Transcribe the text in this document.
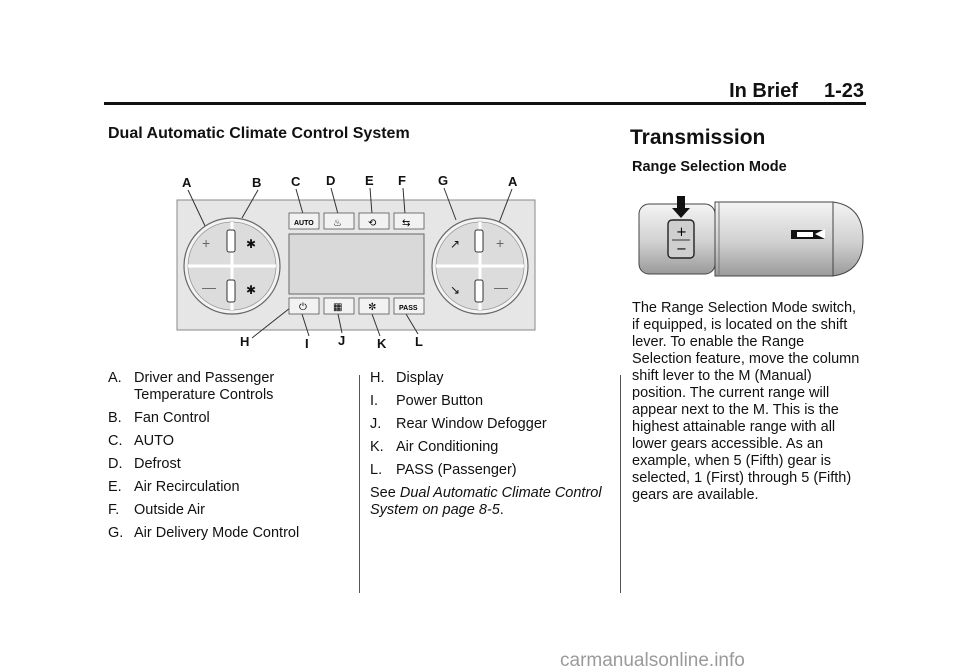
In Brief 1-23
Dual Automatic Climate Control System
A	B C D E F G	A
H	I J K L
+
—
✱
✱
AUTO ♨	⟲	⇆
⏻	▦	✼	PASS
+
—
↗
↘
A. Driver and Passenger Temperature Controls
B. Fan Control
C. AUTO
D. Defrost
E. Air Recirculation
F.	Outside Air
G. Air Delivery Mode Control
H. Display
I.	Power Button
J.	Rear Window Defogger
K. Air Conditioning
L. PASS (Passenger)
See Dual Automatic Climate Control System on page 8-5.
Transmission
Range Selection Mode
+
−
The Range Selection Mode switch, if equipped, is located on the shift lever. To enable the Range Selection feature, move the column shift lever to the M (Manual) position. The current range will appear next to the M. This is the highest attainable range with all lower gears accessible. As an example, when 5 (Fifth) gear is selected, 1 (First) through 5 (Fifth) gears are available.
carmanualsonline.info
